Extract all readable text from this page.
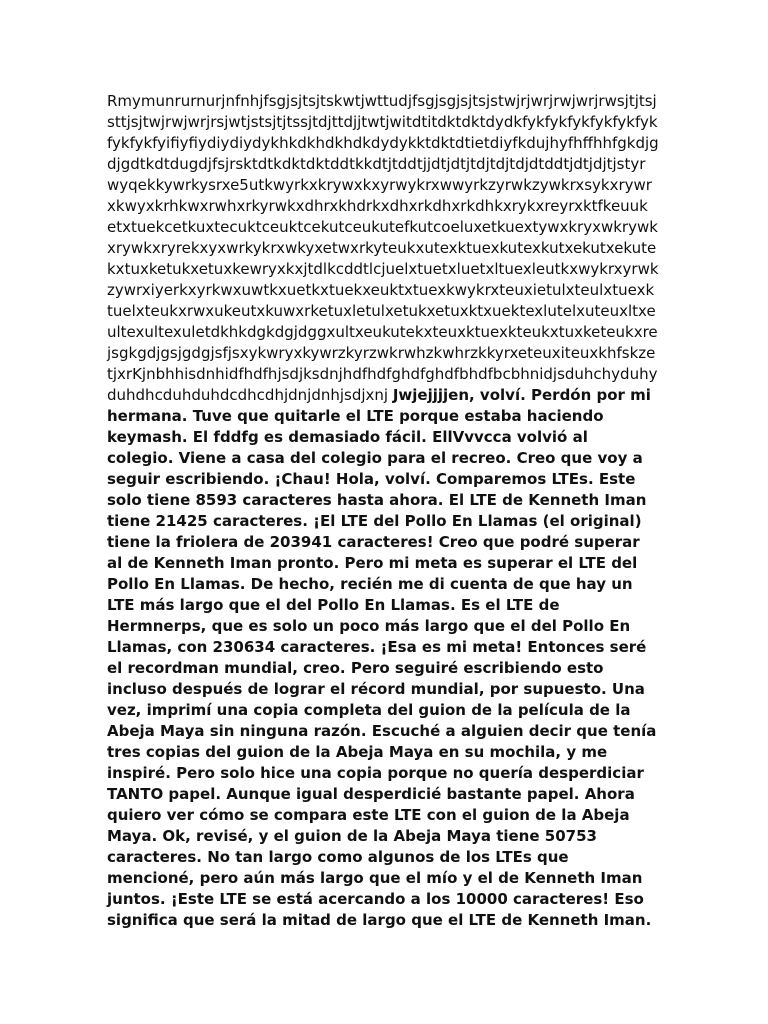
Rmymunrurnurjnfnhjfsgjsjtsjtskwtjwttudjfsgjsgjsjtsjstwjrjwrjrwjwrjrwsjtjtsj
sttjsjtwjrwjwrjrsjwtjstsjtjtssjtdjttdjjtwtjwitdtitdktdktdydkfykfykfykfykfykfyk
fykfykfyifiyfiydiydiydykhkdkhdkhdkdydykktdktdtietdiyfkdujhyfhffhhfgkdjg
djgdtkdtdugdjfsjrsktdtkdktdktddtkkdtjtddtjjdtjdtjtdjtdjtdjdtddtjdtjdjtjstyr
wyqekkywrkysrxe5utkwyrkxkrywxkxyrwykrxwwyrkzyrwkzywkrxsykxrywr
xkwyxkrhkwxrwhxrkyrwkxdhrxkhdrkxdhxrkdhxrkdhkxrykxreyrxktfkeuuk
etxtuekcetkuxtecuktceuktcekutceukutefkutcoeluxetkuextywxkryxwkrywk
xrywkxryrekxyxwrkykrxwkyxetwxrkyteukxutexktuexkutexkutxekutxekute
kxtuxketukxetuxkewryxkxjtdlkcddtlcjuelxtuetxluetxltuexleutkxwykrxyrwk
zywrxiyerkxyrkwxuwtkxuetkxtuekxeuktxtuexkwykrxteuxietulxteulxtuexk
tuelxteukxrwxukeutxkuwxrketuxletulxetukxetuxktxuektexlutelxuteuxltxe
ultexultexuletdkhkdgkdgjdggxultxeukutekxteuxktuexkteukxtuxketeukxre
jsgkgdjgsjgdgjsfjsxykwryxkywrzkyrzwkrwhzkwhrzkkyrxeteuxiteuxkhfskze
tjxrKjnbhhisdnhidfhdfhjsdjksdnjhdfhdfghdfghdfbhdfbcbhnidjsduhchyduhy
duhdhcduhduhdcdhcdhjdnjdnhjsdjxnj Jwjejjjjen, volví. Perdón por mi
hermana. Tuve que quitarle el LTE porque estaba haciendo
keymash. El fddfg es demasiado fácil. EllVvvcca volvió al
colegio. Viene a casa del colegio para el recreo. Creo que voy a
seguir escribiendo. ¡Chau! Hola, volví. Comparemos LTEs. Este
solo tiene 8593 caracteres hasta ahora. El LTE de Kenneth Iman
tiene 21425 caracteres. ¡El LTE del Pollo En Llamas (el original)
tiene la friolera de 203941 caracteres! Creo que podré superar
al de Kenneth Iman pronto. Pero mi meta es superar el LTE del
Pollo En Llamas. De hecho, recién me di cuenta de que hay un
LTE más largo que el del Pollo En Llamas. Es el LTE de
Hermnerps, que es solo un poco más largo que el del Pollo En
Llamas, con 230634 caracteres. ¡Esa es mi meta! Entonces seré
el recordman mundial, creo. Pero seguiré escribiendo esto
incluso después de lograr el récord mundial, por supuesto. Una
vez, imprimí una copia completa del guion de la película de la
Abeja Maya sin ninguna razón. Escuché a alguien decir que tenía
tres copias del guion de la Abeja Maya en su mochila, y me
inspiré. Pero solo hice una copia porque no quería desperdiciar
TANTO papel. Aunque igual desperdicié bastante papel. Ahora
quiero ver cómo se compara este LTE con el guion de la Abeja
Maya. Ok, revisé, y el guion de la Abeja Maya tiene 50753
caracteres. No tan largo como algunos de los LTEs que
mencioné, pero aún más largo que el mío y el de Kenneth Iman
juntos. ¡Este LTE se está acercando a los 10000 caracteres! Eso
significa que será la mitad de largo que el LTE de Kenneth Iman.
